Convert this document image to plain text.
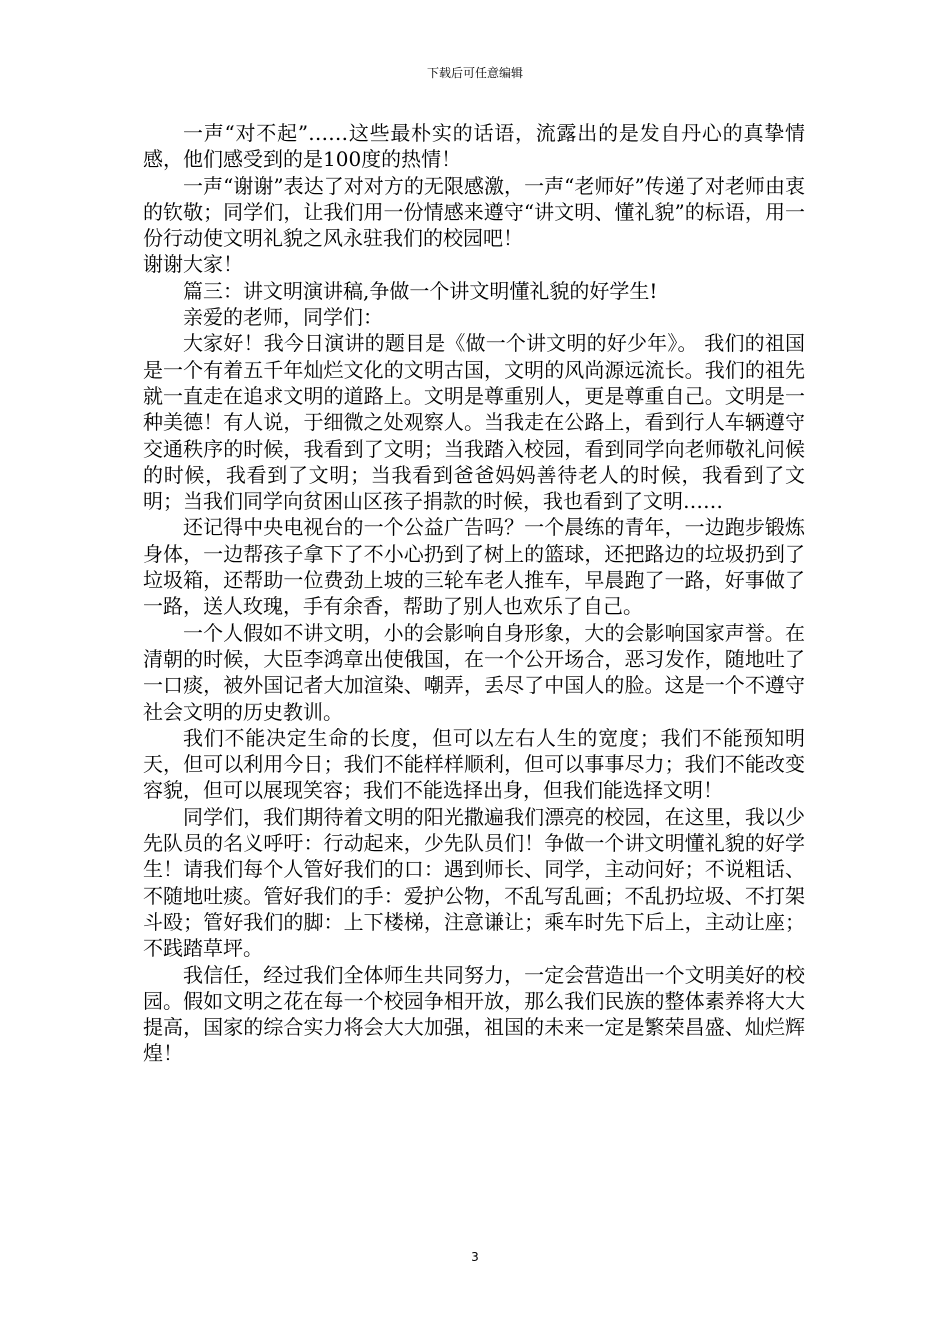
下载后可任意编辑

一声“对不起”……这些最朴实的话语，流露出的是发自丹心的真挚情感，他们感受到的是100度的热情！

一声“谢谢”表达了对对方的无限感激，一声“老师好”传递了对老师由衷的钦敬；同学们，让我们用一份情感来遵守“讲文明、懂礼貌”的标语，用一份行动使文明礼貌之风永驻我们的校园吧！

谢谢大家！

篇三：讲文明演讲稿,争做一个讲文明懂礼貌的好学生!

亲爱的老师，同学们：

大家好！我今日演讲的题目是《做一个讲文明的好少年》。 我们的祖国是一个有着五千年灿烂文化的文明古国，文明的风尚源远流长。我们的祖先就一直走在追求文明的道路上。文明是尊重别人，更是尊重自己。文明是一种美德！有人说，于细微之处观察人。当我走在公路上，看到行人车辆遵守交通秩序的时候，我看到了文明；当我踏入校园，看到同学向老师敬礼问候的时候，我看到了文明；当我看到爸爸妈妈善待老人的时候，我看到了文明；当我们同学向贫困山区孩子捐款的时候，我也看到了文明……

还记得中央电视台的一个公益广告吗？一个晨练的青年，一边跑步锻炼身体，一边帮孩子拿下了不小心扔到了树上的篮球，还把路边的垃圾扔到了垃圾箱，还帮助一位费劲上坡的三轮车老人推车，早晨跑了一路，好事做了一路，送人玫瑰，手有余香，帮助了别人也欢乐了自己。

一个人假如不讲文明，小的会影响自身形象，大的会影响国家声誉。在清朝的时候，大臣李鸿章出使俄国，在一个公开场合，恶习发作，随地吐了一口痰，被外国记者大加渲染、嘲弄，丢尽了中国人的脸。这是一个不遵守社会文明的历史教训。

我们不能决定生命的长度，但可以左右人生的宽度；我们不能预知明天，但可以利用今日；我们不能样样顺利，但可以事事尽力；我们不能改变容貌，但可以展现笑容；我们不能选择出身，但我们能选择文明！

同学们，我们期待着文明的阳光撒遍我们漂亮的校园，在这里，我以少先队员的名义呼吁：行动起来，少先队员们！争做一个讲文明懂礼貌的好学生！请我们每个人管好我们的口：遇到师长、同学，主动问好；不说粗话、不随地吐痰。管好我们的手：爱护公物，不乱写乱画；不乱扔垃圾、不打架斗殴；管好我们的脚：上下楼梯，注意谦让；乘车时先下后上，主动让座；不践踏草坪。

我信任，经过我们全体师生共同努力，一定会营造出一个文明美好的校园。假如文明之花在每一个校园争相开放，那么我们民族的整体素养将大大提高，国家的综合实力将会大大加强，祖国的未来一定是繁荣昌盛、灿烂辉煌！

3
